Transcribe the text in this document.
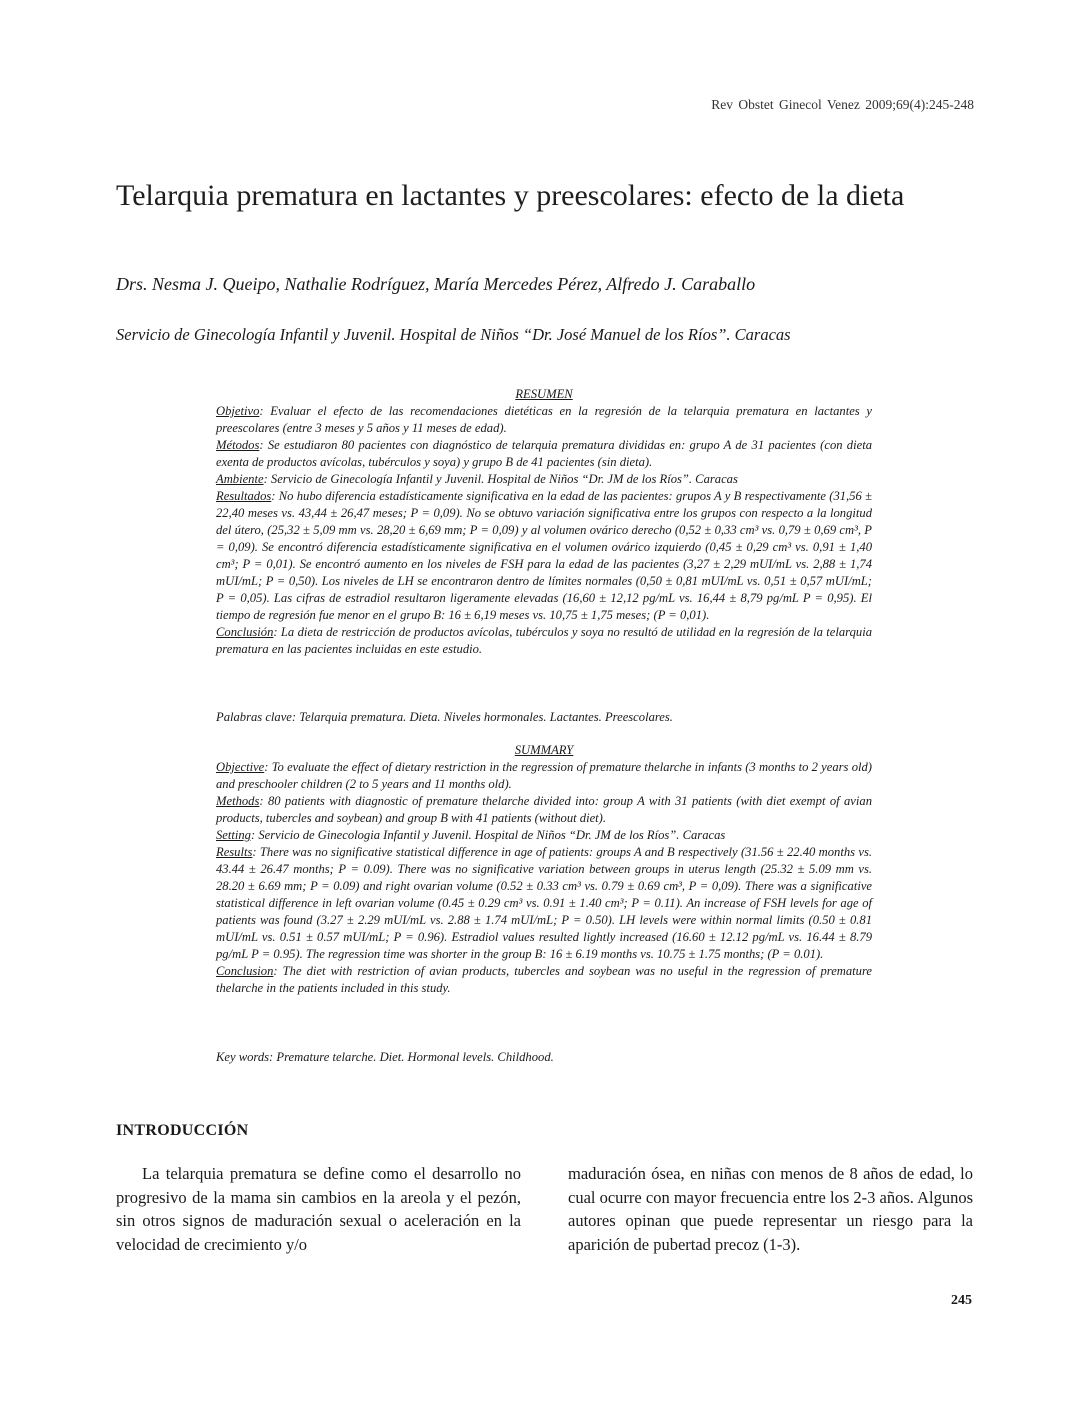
Rev Obstet Ginecol Venez 2009;69(4):245-248
Telarquia prematura en lactantes y preescolares: efecto de la dieta

Drs. Nesma J. Queipo, Nathalie Rodríguez, María Mercedes Pérez, Alfredo J. Caraballo

Servicio de Ginecología Infantil y Juvenil. Hospital de Niños “Dr. José Manuel de los Ríos”. Caracas

RESUMEN

Objetivo: Evaluar el efecto de las recomendaciones dietéticas en la regresión de la telarquia prematura en lactantes y preescolares (entre 3 meses y 5 años y 11 meses de edad).

Métodos: Se estudiaron 80 pacientes con diagnóstico de telarquia prematura divididas en: grupo A de 31 pacientes (con dieta exenta de productos avícolas, tubérculos y soya) y grupo B de 41 pacientes (sin dieta).

Ambiente: Servicio de Ginecología Infantil y Juvenil. Hospital de Niños “Dr. JM de los Ríos”. Caracas

Resultados: No hubo diferencia estadísticamente significativa en la edad de las pacientes: grupos A y B respectivamente (31,56 ± 22,40 meses vs. 43,44 ± 26,47 meses; P = 0,09). No se obtuvo variación significativa entre los grupos con respecto a la longitud del útero, (25,32 ± 5,09 mm vs. 28,20 ± 6,69 mm; P = 0,09) y al volumen ovárico derecho (0,52 ± 0,33 cm³ vs. 0,79 ± 0,69 cm³, P = 0,09). Se encontró diferencia estadísticamente significativa en el volumen ovárico izquierdo (0,45 ± 0,29 cm³ vs. 0,91 ± 1,40 cm³; P = 0,01). Se encontró aumento en los niveles de FSH para la edad de las pacientes (3,27 ± 2,29 mUI/mL vs. 2,88 ± 1,74 mUI/mL; P = 0,50). Los niveles de LH se encontraron dentro de límites normales (0,50 ± 0,81 mUI/mL vs. 0,51 ± 0,57 mUI/mL; P = 0,05). Las cifras de estradiol resultaron ligeramente elevadas (16,60 ± 12,12 pg/mL vs. 16,44 ± 8,79 pg/mL P = 0,95). El tiempo de regresión fue menor en el grupo B: 16 ± 6,19 meses vs. 10,75 ± 1,75 meses; (P = 0,01).

Conclusión: La dieta de restricción de productos avícolas, tubérculos y soya no resultó de utilidad en la regresión de la telarquia prematura en las pacientes incluidas en este estudio.

Palabras clave: Telarquia prematura. Dieta. Niveles hormonales. Lactantes. Preescolares.
SUMMARY

Objective: To evaluate the effect of dietary restriction in the regression of premature thelarche in infants (3 months to 2 years old) and preschooler children (2 to 5 years and 11 months old).

Methods: 80 patients with diagnostic of premature thelarche divided into: group A with 31 patients (with diet exempt of avian products, tubercles and soybean) and group B with 41 patients (without diet).

Setting: Servicio de Ginecologia Infantil y Juvenil. Hospital de Niños “Dr. JM de los Ríos”. Caracas

Results: There was no significative statistical difference in age of patients: groups A and B respectively (31.56 ± 22.40 months vs. 43.44 ± 26.47 months; P = 0.09). There was no significative variation between groups in uterus length (25.32 ± 5.09 mm vs. 28.20 ± 6.69 mm; P = 0.09) and right ovarian volume (0.52 ± 0.33 cm³ vs. 0.79 ± 0.69 cm³, P = 0,09). There was a significative statistical difference in left ovarian volume (0.45 ± 0.29 cm³ vs. 0.91 ± 1.40 cm³; P = 0.11). An increase of FSH levels for age of patients was found (3.27 ± 2.29 mUI/mL vs. 2.88 ± 1.74 mUI/mL; P = 0.50). LH levels were within normal limits (0.50 ± 0.81 mUI/mL vs. 0.51 ± 0.57 mUI/mL; P = 0.96). Estradiol values resulted lightly increased (16.60 ± 12.12 pg/mL vs. 16.44 ± 8.79 pg/mL P = 0.95). The regression time was shorter in the group B: 16 ± 6.19 months vs. 10.75 ± 1.75 months; (P = 0.01).

Conclusion: The diet with restriction of avian products, tubercles and soybean was no useful in the regression of premature thelarche in the patients included in this study.

Key words: Premature telarche. Diet. Hormonal levels. Childhood.
INTRODUCCIÓN

La telarquia prematura se define como el desarrollo no progresivo de la mama sin cambios en la areola y el pezón, sin otros signos de maduración sexual o aceleración en la velocidad de crecimiento y/o

maduración ósea, en niñas con menos de 8 años de edad, lo cual ocurre con mayor frecuencia entre los 2-3 años. Algunos autores opinan que puede representar un riesgo para la aparición de pubertad precoz (1-3).

245
